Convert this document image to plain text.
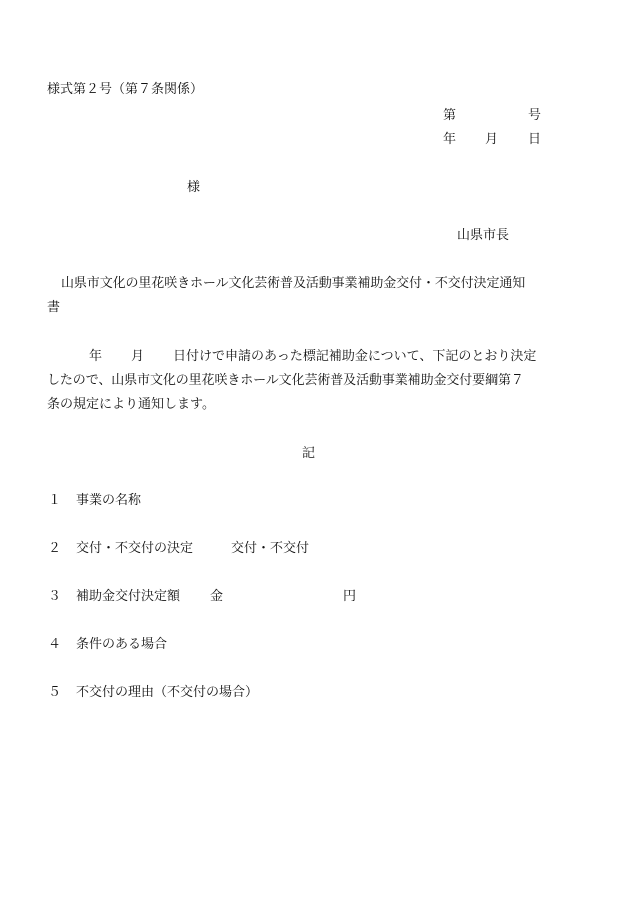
様式第２号（第７条関係）
第	号
年 月 日
様
山県市長
山県市文化の里花咲きホール文化芸術普及活動事業補助金交付・不交付決定通知
書
年 月 日付けで申請のあった標記補助金について、下記のとおり決定
したので、山県市文化の里花咲きホール文化芸術普及活動事業補助金交付要綱第７
条の規定により通知します。
記
１ 事業の名称
２ 交付・不交付の決定	交付・不交付
３ 補助金交付決定額 金	円
４ 条件のある場合
５ 不交付の理由（不交付の場合）
